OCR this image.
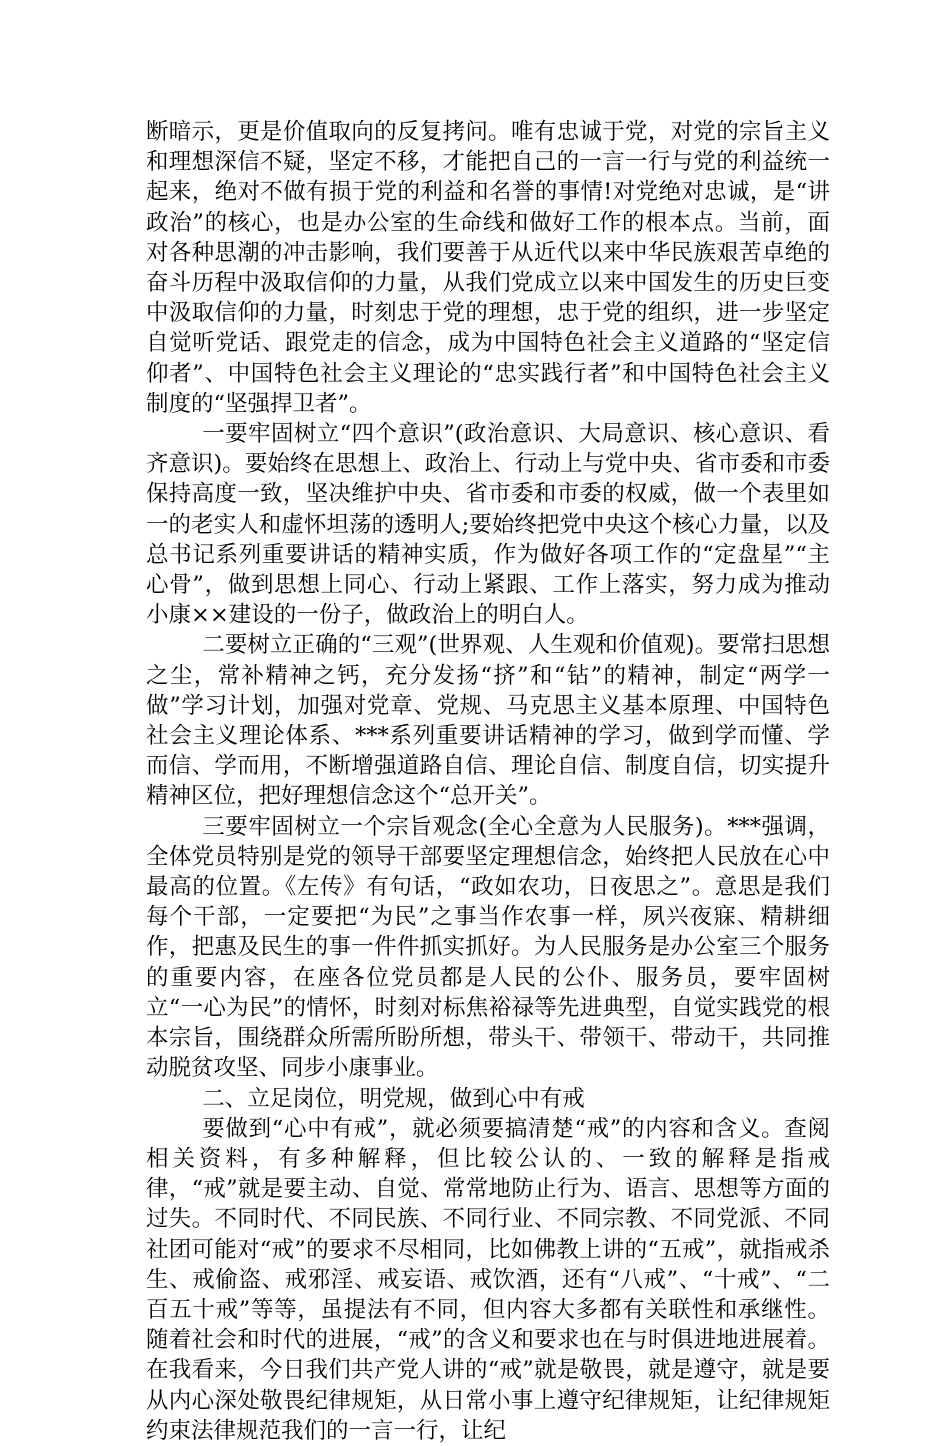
断暗示，更是价值取向的反复拷问。唯有忠诚于党，对党的宗旨主义和理想深信不疑，坚定不移，才能把自己的一言一行与党的利益统一起来，绝对不做有损于党的利益和名誉的事情!对党绝对忠诚，是“讲政治”的核心，也是办公室的生命线和做好工作的根本点。当前，面对各种思潮的冲击影响，我们要善于从近代以来中华民族艰苦卓绝的奋斗历程中汲取信仰的力量，从我们党成立以来中国发生的历史巨变中汲取信仰的力量，时刻忠于党的理想，忠于党的组织，进一步坚定自觉听党话、跟党走的信念，成为中国特色社会主义道路的“坚定信仰者”、中国特色社会主义理论的“忠实践行者”和中国特色社会主义制度的“坚强捍卫者”。

一要牢固树立“四个意识”(政治意识、大局意识、核心意识、看齐意识)。要始终在思想上、政治上、行动上与党中央、省市委和市委保持高度一致，坚决维护中央、省市委和市委的权威，做一个表里如一的老实人和虚怀坦荡的透明人;要始终把党中央这个核心力量，以及总书记系列重要讲话的精神实质，作为做好各项工作的“定盘星”“主心骨”，做到思想上同心、行动上紧跟、工作上落实，努力成为推动小康××建设的一份子，做政治上的明白人。

二要树立正确的“三观”(世界观、人生观和价值观)。要常扫思想之尘，常补精神之钙，充分发扬“挤”和“钻”的精神，制定“两学一做”学习计划，加强对党章、党规、马克思主义基本原理、中国特色社会主义理论体系、***系列重要讲话精神的学习，做到学而懂、学而信、学而用，不断增强道路自信、理论自信、制度自信，切实提升精神区位，把好理想信念这个“总开关”。

三要牢固树立一个宗旨观念(全心全意为人民服务)。***强调，全体党员特别是党的领导干部要坚定理想信念，始终把人民放在心中最高的位置。《左传》有句话，“政如农功，日夜思之”。意思是我们每个干部，一定要把“为民”之事当作农事一样，夙兴夜寐、精耕细作，把惠及民生的事一件件抓实抓好。为人民服务是办公室三个服务的重要内容，在座各位党员都是人民的公仆、服务员，要牢固树立“一心为民”的情怀，时刻对标焦裕禄等先进典型，自觉实践党的根本宗旨，围绕群众所需所盼所想，带头干、带领干、带动干，共同推动脱贫攻坚、同步小康事业。

二、立足岗位，明党规，做到心中有戒

要做到“心中有戒”，就必须要搞清楚“戒”的内容和含义。查阅相关资料，有多种解释，但比较公认的、一致的解释是指戒律，“戒”就是要主动、自觉、常常地防止行为、语言、思想等方面的过失。不同时代、不同民族、不同行业、不同宗教、不同党派、不同社团可能对“戒”的要求不尽相同，比如佛教上讲的“五戒”，就指戒杀生、戒偷盗、戒邪淫、戒妄语、戒饮酒，还有“八戒”、“十戒”、“二百五十戒”等等，虽提法有不同，但内容大多都有关联性和承继性。随着社会和时代的进展，“戒”的含义和要求也在与时俱进地进展着。在我看来，今日我们共产党人讲的“戒”就是敬畏，就是遵守，就是要从内心深处敬畏纪律规矩，从日常小事上遵守纪律规矩，让纪律规矩约束法律规范我们的一言一行，让纪
